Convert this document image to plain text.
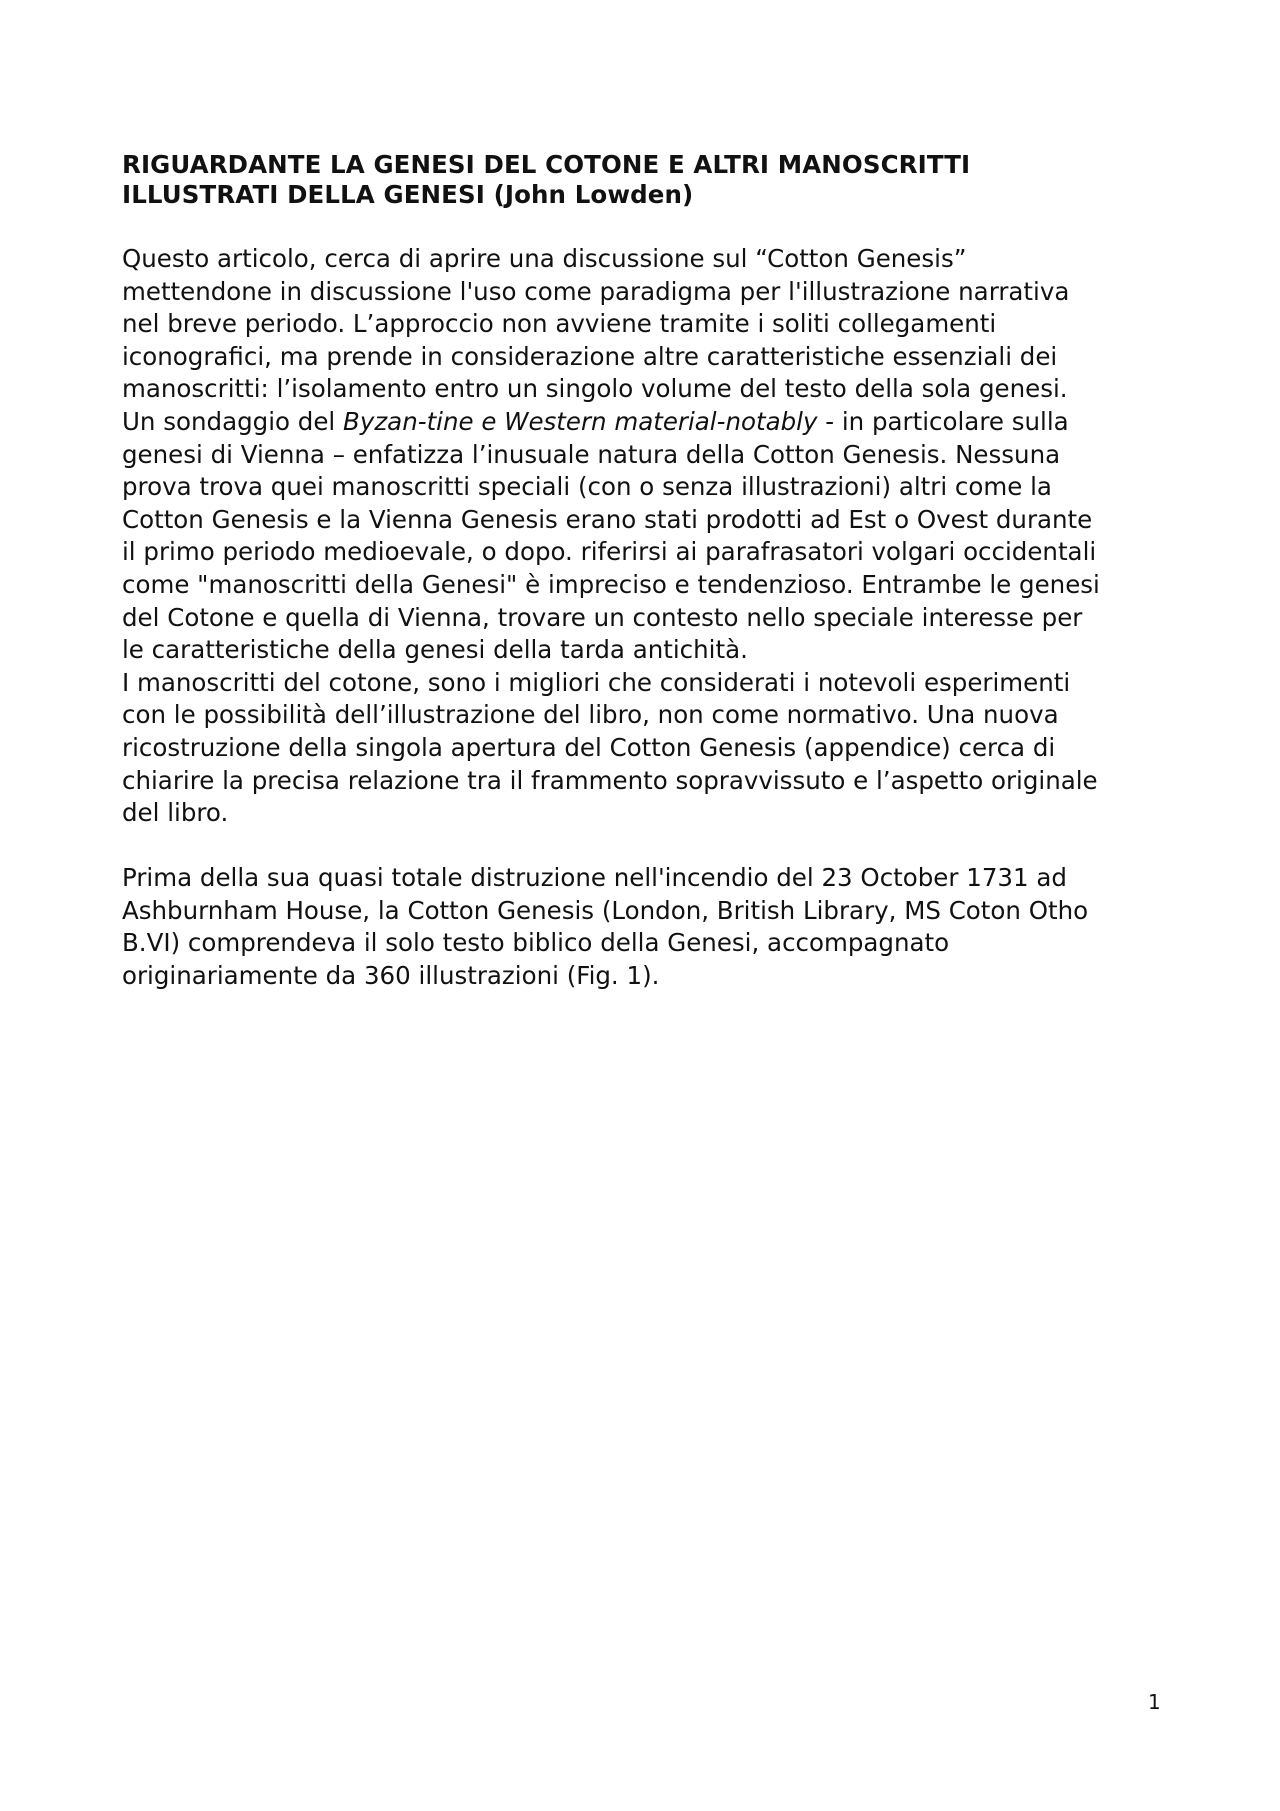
RIGUARDANTE LA GENESI DEL COTONE E ALTRI MANOSCRITTI
ILLUSTRATI DELLA GENESI (John Lowden)
Questo articolo, cerca di aprire una discussione sul “Cotton Genesis” mettendone in discussione l'uso come paradigma per l'illustrazione narrativa nel breve periodo. L’approccio non avviene tramite i soliti collegamenti iconografici, ma prende in considerazione altre caratteristiche essenziali dei manoscritti: l’isolamento entro un singolo volume del testo della sola genesi. Un sondaggio del Byzan-tine e Western material-notably - in particolare sulla genesi di Vienna – enfatizza l’inusuale natura della Cotton Genesis. Nessuna prova trova quei manoscritti speciali (con o senza illustrazioni) altri come la Cotton Genesis e la Vienna Genesis erano stati prodotti ad Est o Ovest durante il primo periodo medioevale, o dopo. riferirsi ai parafrasatori volgari occidentali come "manoscritti della Genesi" è impreciso e tendenzioso. Entrambe le genesi del Cotone e quella di Vienna, trovare un contesto nello speciale interesse per le caratteristiche della genesi della tarda antichità. I manoscritti del cotone, sono i migliori che considerati i notevoli esperimenti con le possibilità dell’illustrazione del libro, non come normativo. Una nuova ricostruzione della singola apertura del Cotton Genesis (appendice) cerca di chiarire la precisa relazione tra il frammento sopravvissuto e l’aspetto originale del libro.
Prima della sua quasi totale distruzione nell'incendio del 23 October 1731 ad Ashburnham House, la Cotton Genesis (London, British Library, MS Coton Otho B.VI) comprendeva il solo testo biblico della Genesi, accompagnato originariamente da 360 illustrazioni (Fig. 1).
1
